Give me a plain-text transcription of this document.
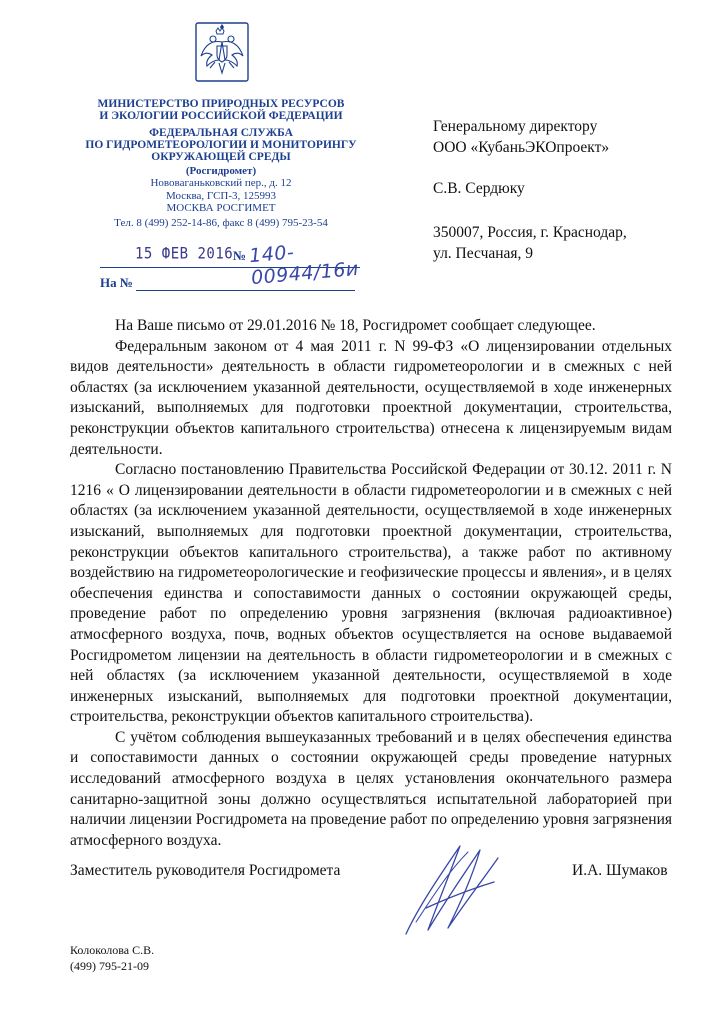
МИНИСТЕРСТВО ПРИРОДНЫХ РЕСУРСОВ
И ЭКОЛОГИИ РОССИЙСКОЙ ФЕДЕРАЦИИ
ФЕДЕРАЛЬНАЯ СЛУЖБА
ПО ГИДРОМЕТЕОРОЛОГИИ И МОНИТОРИНГУ
ОКРУЖАЮЩЕЙ СРЕДЫ
(Росгидромет)
Нововаганьковский пер., д. 12
Москва, ГСП-3, 125993
МОСКВА РОСГИМЕТ
Тел. 8 (499) 252-14-86, факс 8 (499) 795-23-54
15 ФЕВ 2016 № 140-00944/16и
На №
Генеральному директору
ООО «КубаньЭКОпроект»
С.В. Сердюку
350007, Россия, г. Краснодар,
ул. Песчаная, 9

На Ваше письмо от 29.01.2016 № 18, Росгидромет сообщает следующее.

Федеральным законом от 4 мая 2011 г. N 99-ФЗ «О лицензировании отдельных видов деятельности» деятельность в области гидрометеорологии и в смежных с ней областях (за исключением указанной деятельности, осуществляемой в ходе инженерных изысканий, выполняемых для подготовки проектной документации, строительства, реконструкции объектов капитального строительства) отнесена к лицензируемым видам деятельности.

Согласно постановлению Правительства Российской Федерации от 30.12. 2011 г. N 1216 « О лицензировании деятельности в области гидрометеорологии и в смежных с ней областях (за исключением указанной деятельности, осуществляемой в ходе инженерных изысканий, выполняемых для подготовки проектной документации, строительства, реконструкции объектов капитального строительства), а также работ по активному воздействию на гидрометеорологические и геофизические процессы и явления», и в целях обеспечения единства и сопоставимости данных о состоянии окружающей среды, проведение работ по определению уровня загрязнения (включая радиоактивное) атмосферного воздуха, почв, водных объектов осуществляется на основе выдаваемой Росгидрометом лицензии на деятельность в области гидрометеорологии и в смежных с ней областях (за исключением указанной деятельности, осуществляемой в ходе инженерных изысканий, выполняемых для подготовки проектной документации, строительства, реконструкции объектов капитального строительства).

С учётом соблюдения вышеуказанных требований и в целях обеспечения единства и сопоставимости данных о состоянии окружающей среды проведение натурных исследований атмосферного воздуха в целях установления окончательного размера санитарно-защитной зоны должно осуществляться испытательной лабораторией при наличии лицензии Росгидромета на проведение работ по определению уровня загрязнения атмосферного воздуха.

Заместитель руководителя Росгидромета	И.А. Шумаков
Колоколова С.В.
(499) 795-21-09
